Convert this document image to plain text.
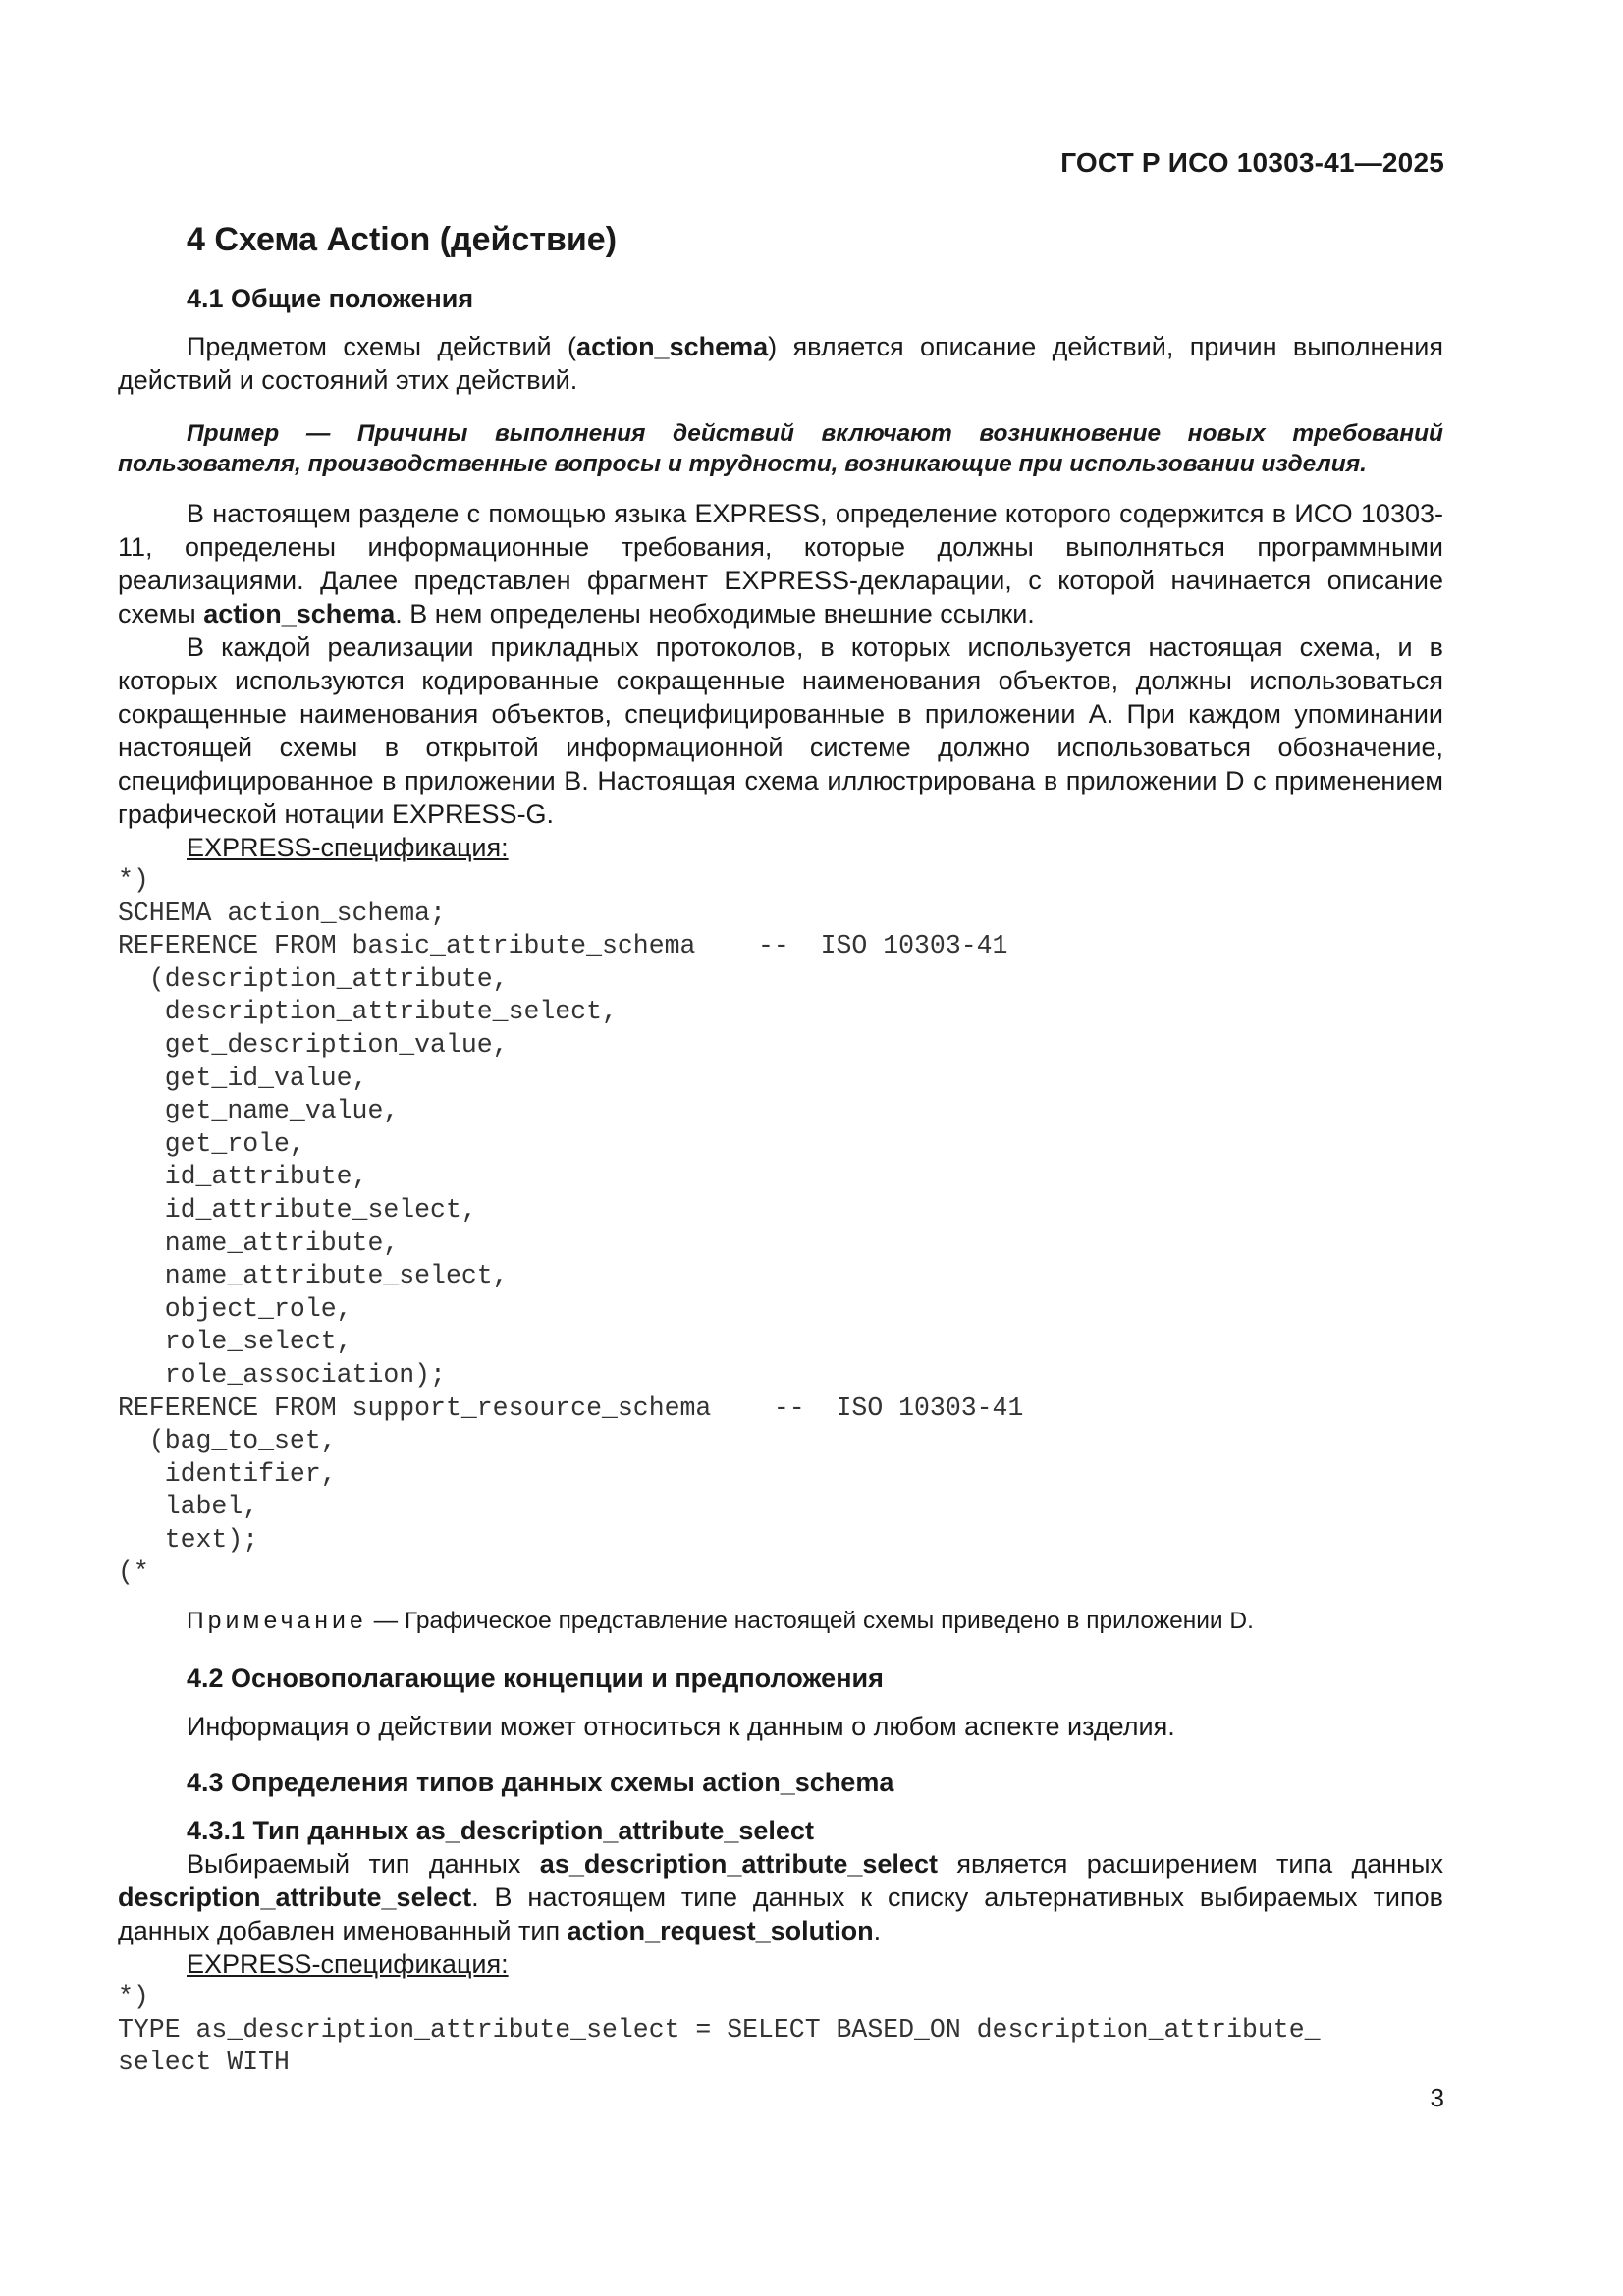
ГОСТ Р ИСО 10303-41—2025
4 Схема Action (действие)
4.1 Общие положения

Предметом схемы действий (action_schema) является описание действий, причин выполнения действий и состояний этих действий.

Пример — Причины выполнения действий включают возникновение новых требований пользователя, производственные вопросы и трудности, возникающие при использовании изделия.

В настоящем разделе с помощью языка EXPRESS, определение которого содержится в ИСО 10303-11, определены информационные требования, которые должны выполняться программными реализациями. Далее представлен фрагмент EXPRESS-декларации, с которой начинается описание схемы action_schema. В нем определены необходимые внешние ссылки.

В каждой реализации прикладных протоколов, в которых используется настоящая схема, и в которых используются кодированные сокращенные наименования объектов, должны использоваться сокращенные наименования объектов, специфицированные в приложении A. При каждом упоминании настоящей схемы в открытой информационной системе должно использоваться обозначение, специфицированное в приложении B. Настоящая схема иллюстрирована в приложении D с применением графической нотации EXPRESS-G.

EXPRESS-спецификация:
*)
SCHEMA action_schema;
REFERENCE FROM basic_attribute_schema    --  ISO 10303-41
(description_attribute,
description_attribute_select,
get_description_value,
get_id_value,
get_name_value,
get_role,
id_attribute,
id_attribute_select,
name_attribute,
name_attribute_select,
object_role,
role_select,
role_association);
REFERENCE FROM support_resource_schema    --  ISO 10303-41
(bag_to_set,
identifier,
label,
text);
(*
Примечание — Графическое представление настоящей схемы приведено в приложении D.
4.2 Основополагающие концепции и предположения

Информация о действии может относиться к данным о любом аспекте изделия.

4.3 Определения типов данных схемы action_schema
4.3.1 Тип данных as_description_attribute_select

Выбираемый тип данных as_description_attribute_select является расширением типа данных description_attribute_select. В настоящем типе данных к списку альтернативных выбираемых типов данных добавлен именованный тип action_request_solution.

EXPRESS-спецификация:
*)
TYPE as_description_attribute_select = SELECT BASED_ON description_attribute_
select WITH
3
